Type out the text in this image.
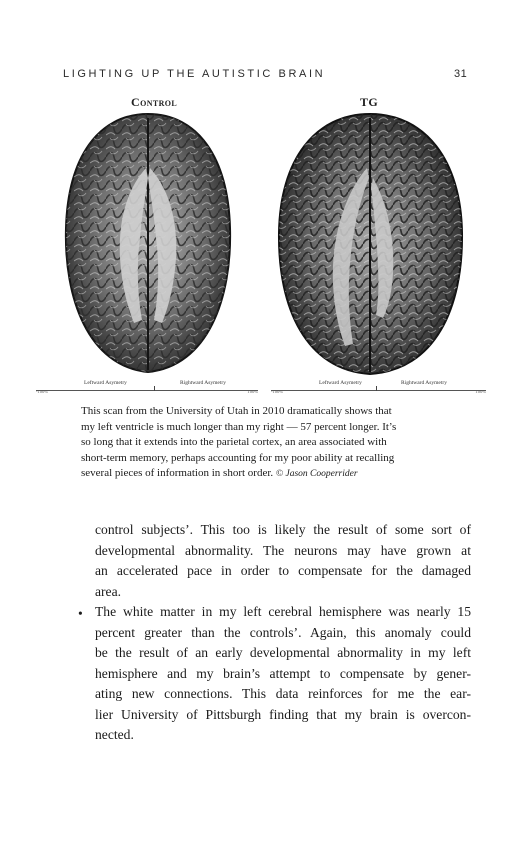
LIGHTING UP THE AUTISTIC BRAIN	31
Control	TG
-100%
Leftward Asymetry	Rightward Asymetry
100%	-100%
Leftward Asymetry	Rightward Asymetry
100%
This scan from the University of Utah in 2010 dramatically shows that
my left ventricle is much longer than my right — 57 percent longer. It’s
so long that it extends into the parietal cortex, an area associated with
short-term memory, perhaps accounting for my poor ability at recalling
several pieces of information in short order. © Jason Cooperrider
control subjects’. This too is likely the result of some sort of
developmental abnormality. The neurons may have grown at
an accelerated pace in order to compensate for the damaged
area.
The white matter in my left cerebral hemisphere was nearly 15
percent greater than the controls’. Again, this anomaly could
be the result of an early developmental abnormality in my left
hemisphere and my brain’s attempt to compensate by gener-
ating new connections. This data reinforces for me the ear-
lier University of Pittsburgh finding that my brain is overcon-
nected.
•
